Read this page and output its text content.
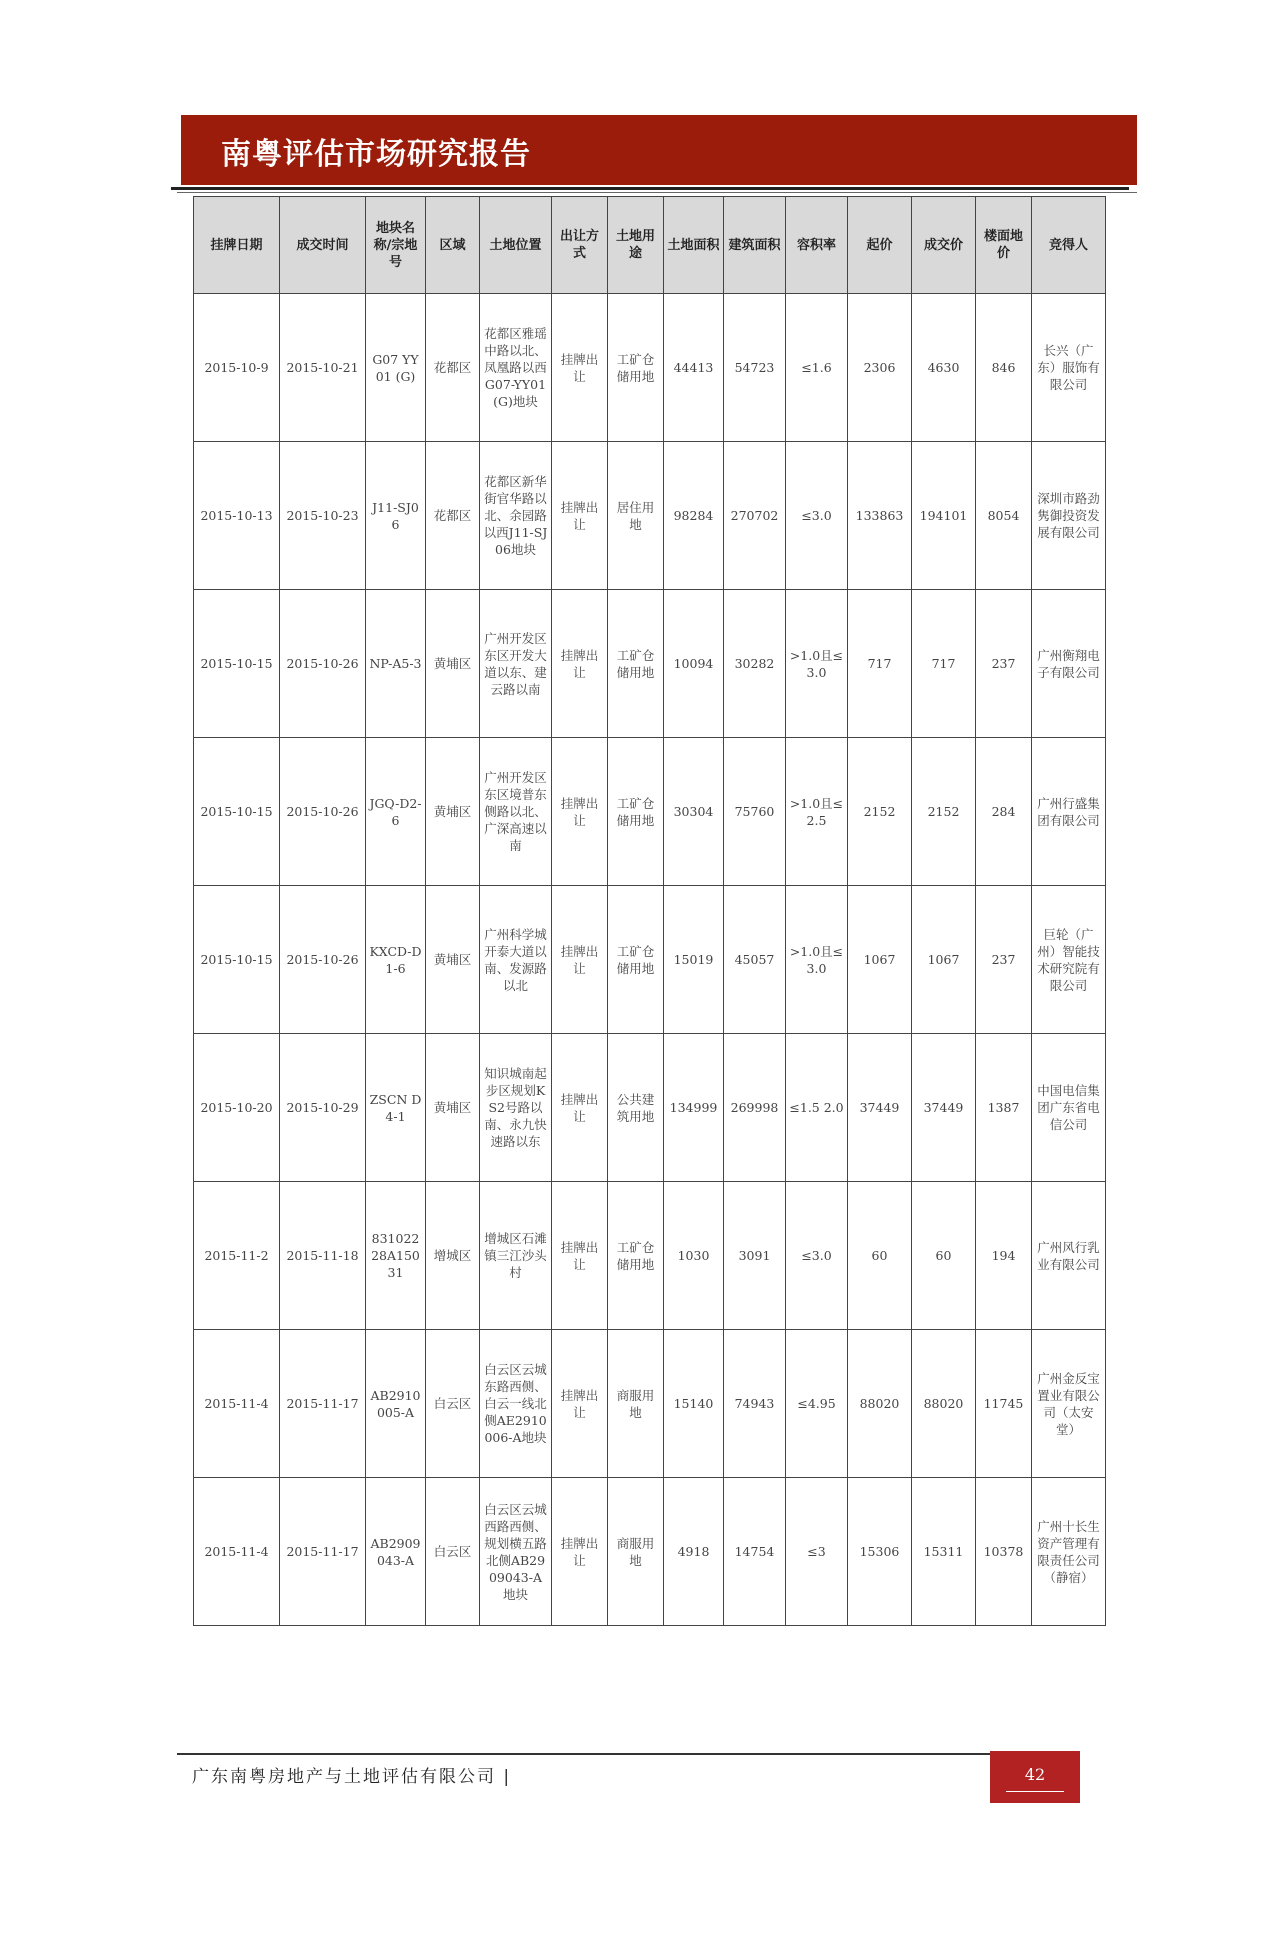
南粤评估市场研究报告
挂牌日期	成交时间	地块名称/宗地号	区域	土地位置	出让方式	土地用途	土地面积	建筑面积	容积率	起价	成交价	楼面地价	竞得人
2015-10-9	2015-10-21	G07 YY01 (G)	花都区	花都区雅瑶中路以北、凤凰路以西G07-YY01(G)地块	挂牌出让	工矿仓储用地	44413	54723	≤1.6	2306	4630	846	长兴（广东）服饰有限公司
2015-10-13	2015-10-23	J11-SJ06	花都区	花都区新华街官华路以北、余园路以西J11-SJ06地块	挂牌出让	居住用地	98284	270702	≤3.0	133863	194101	8054	深圳市路劲隽御投资发展有限公司
2015-10-15	2015-10-26	NP-A5-3	黄埔区	广州开发区东区开发大道以东、建云路以南	挂牌出让	工矿仓储用地	10094	30282	>1.0且≤3.0	717	717	237	广州衡翔电子有限公司
2015-10-15	2015-10-26	JGQ-D2-6	黄埔区	广州开发区东区境普东侧路以北、广深高速以南	挂牌出让	工矿仓储用地	30304	75760	>1.0且≤2.5	2152	2152	284	广州行盛集团有限公司
2015-10-15	2015-10-26	KXCD-D1-6	黄埔区	广州科学城开泰大道以南、发源路以北	挂牌出让	工矿仓储用地	15019	45057	>1.0且≤3.0	1067	1067	237	巨轮（广州）智能技术研究院有限公司
2015-10-20	2015-10-29	ZSCN D4-1	黄埔区	知识城南起步区规划KS2号路以南、永九快速路以东	挂牌出让	公共建筑用地	134999	269998	≤1.5 2.0	37449	37449	1387	中国电信集团广东省电信公司
2015-11-2	2015-11-18	83102228A15031	增城区	增城区石滩镇三江沙头村	挂牌出让	工矿仓储用地	1030	3091	≤3.0	60	60	194	广州风行乳业有限公司
2015-11-4	2015-11-17	AB2910005-A	白云区	白云区云城东路西侧、白云一线北侧AE2910006-A地块	挂牌出让	商服用地	15140	74943	≤4.95	88020	88020	11745	广州金反宝置业有限公司（太安堂）
2015-11-4	2015-11-17	AB2909043-A	白云区	白云区云城西路西侧、规划横五路北侧AB2909043-A地块	挂牌出让	商服用地	4918	14754	≤3	15306	15311	10378	广州十长生资产管理有限责任公司（静宿）
广东南粤房地产与土地评估有限公司 |	42
